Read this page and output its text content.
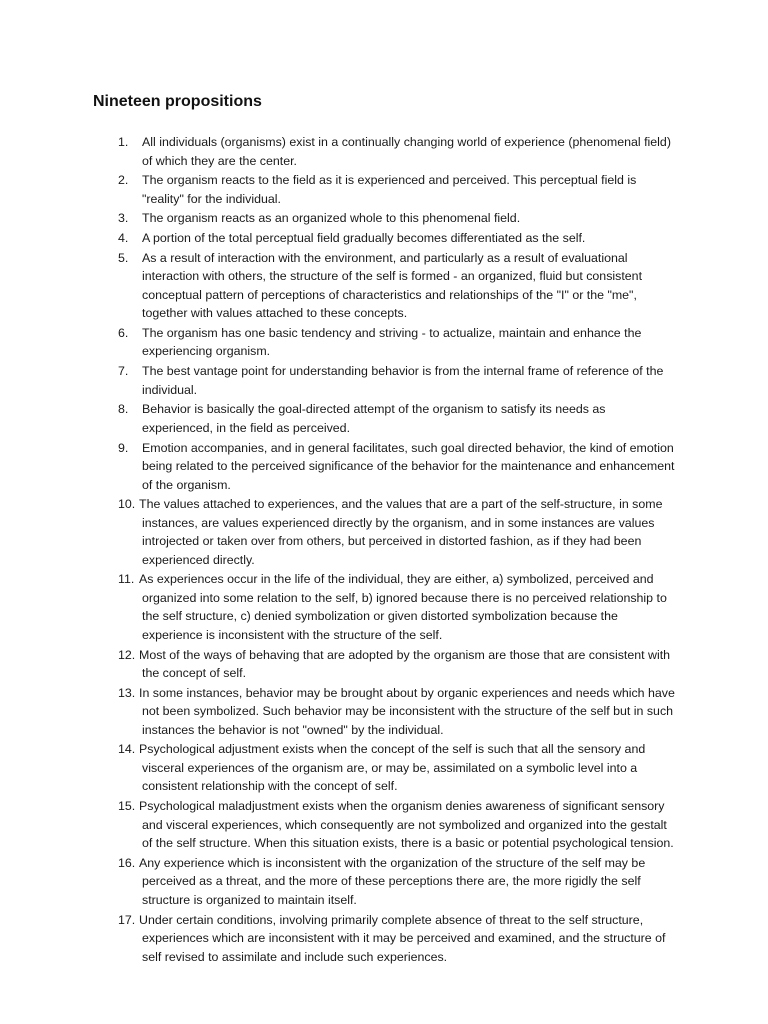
Nineteen propositions
1. All individuals (organisms) exist in a continually changing world of experience (phenomenal field) of which they are the center.
2. The organism reacts to the field as it is experienced and perceived. This perceptual field is "reality" for the individual.
3. The organism reacts as an organized whole to this phenomenal field.
4. A portion of the total perceptual field gradually becomes differentiated as the self.
5. As a result of interaction with the environment, and particularly as a result of evaluational interaction with others, the structure of the self is formed - an organized, fluid but consistent conceptual pattern of perceptions of characteristics and relationships of the "I" or the "me", together with values attached to these concepts.
6. The organism has one basic tendency and striving - to actualize, maintain and enhance the experiencing organism.
7. The best vantage point for understanding behavior is from the internal frame of reference of the individual.
8. Behavior is basically the goal-directed attempt of the organism to satisfy its needs as experienced, in the field as perceived.
9. Emotion accompanies, and in general facilitates, such goal directed behavior, the kind of emotion being related to the perceived significance of the behavior for the maintenance and enhancement of the organism.
10. The values attached to experiences, and the values that are a part of the self-structure, in some instances, are values experienced directly by the organism, and in some instances are values introjected or taken over from others, but perceived in distorted fashion, as if they had been experienced directly.
11. As experiences occur in the life of the individual, they are either, a) symbolized, perceived and organized into some relation to the self, b) ignored because there is no perceived relationship to the self structure, c) denied symbolization or given distorted symbolization because the experience is inconsistent with the structure of the self.
12. Most of the ways of behaving that are adopted by the organism are those that are consistent with the concept of self.
13. In some instances, behavior may be brought about by organic experiences and needs which have not been symbolized. Such behavior may be inconsistent with the structure of the self but in such instances the behavior is not "owned" by the individual.
14. Psychological adjustment exists when the concept of the self is such that all the sensory and visceral experiences of the organism are, or may be, assimilated on a symbolic level into a consistent relationship with the concept of self.
15. Psychological maladjustment exists when the organism denies awareness of significant sensory and visceral experiences, which consequently are not symbolized and organized into the gestalt of the self structure. When this situation exists, there is a basic or potential psychological tension.
16. Any experience which is inconsistent with the organization of the structure of the self may be perceived as a threat, and the more of these perceptions there are, the more rigidly the self structure is organized to maintain itself.
17. Under certain conditions, involving primarily complete absence of threat to the self structure, experiences which are inconsistent with it may be perceived and examined, and the structure of self revised to assimilate and include such experiences.
